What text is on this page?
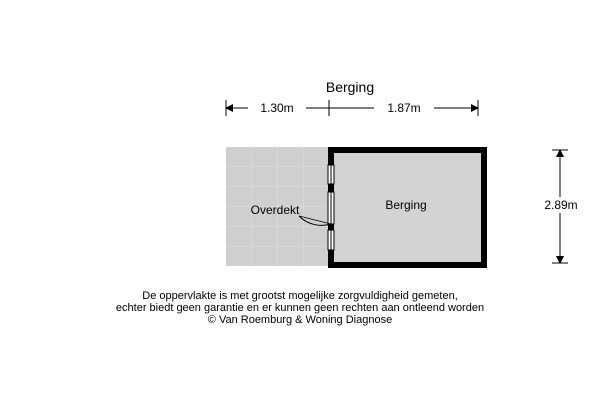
Berging
1.30m	1.87m
Berging
Overdekt	2.89m

De oppervlakte is met grootst mogelijke zorgvuldigheid gemeten,

echter biedt geen garantie en er kunnen geen rechten aan ontleend worden

© Van Roemburg & Woning Diagnose
